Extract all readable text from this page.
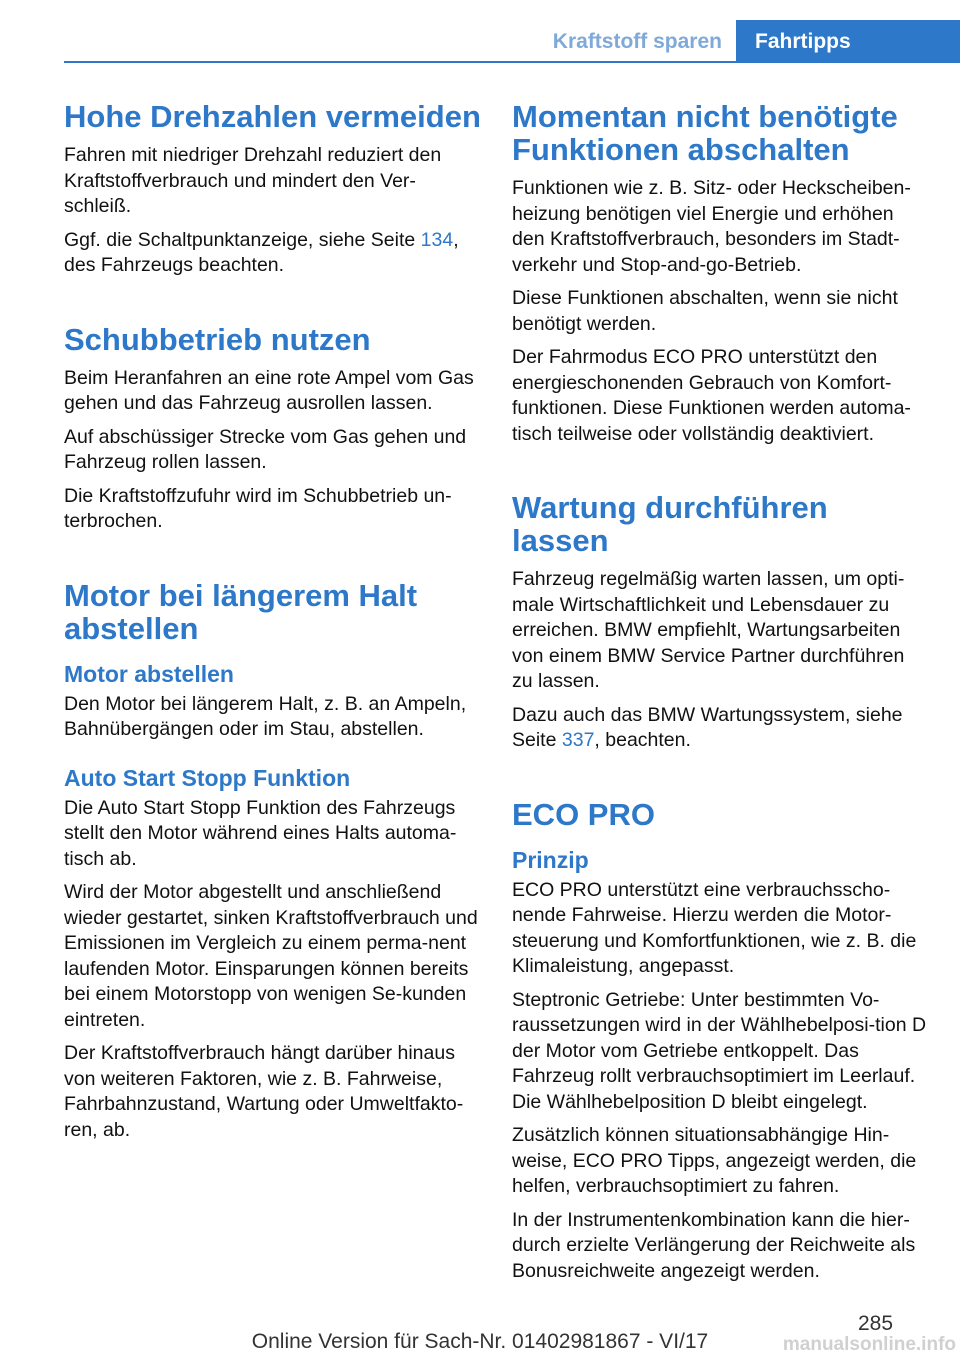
Kraftstoff sparen	Fahrtipps
Hohe Drehzahlen vermeiden

Fahren mit niedriger Drehzahl reduziert den Kraftstoffverbrauch und mindert den Ver-schleiß.

Ggf. die Schaltpunktanzeige, siehe Seite 134, des Fahrzeugs beachten.

Schubbetrieb nutzen

Beim Heranfahren an eine rote Ampel vom Gas gehen und das Fahrzeug ausrollen lassen.

Auf abschüssiger Strecke vom Gas gehen und Fahrzeug rollen lassen.

Die Kraftstoffzufuhr wird im Schubbetrieb un-terbrochen.

Motor bei längerem Halt abstellen
Motor abstellen

Den Motor bei längerem Halt, z. B. an Ampeln, Bahnübergängen oder im Stau, abstellen.

Auto Start Stopp Funktion

Die Auto Start Stopp Funktion des Fahrzeugs stellt den Motor während eines Halts automa-tisch ab.

Wird der Motor abgestellt und anschließend wieder gestartet, sinken Kraftstoffverbrauch und Emissionen im Vergleich zu einem perma-nent laufenden Motor. Einsparungen können bereits bei einem Motorstopp von wenigen Se-kunden eintreten.

Der Kraftstoffverbrauch hängt darüber hinaus von weiteren Faktoren, wie z. B. Fahrweise, Fahrbahnzustand, Wartung oder Umweltfakto-ren, ab.

Momentan nicht benötigte Funktionen abschalten

Funktionen wie z. B. Sitz- oder Heckscheiben-heizung benötigen viel Energie und erhöhen den Kraftstoffverbrauch, besonders im Stadt-verkehr und Stop-and-go-Betrieb.

Diese Funktionen abschalten, wenn sie nicht benötigt werden.

Der Fahrmodus ECO PRO unterstützt den energieschonenden Gebrauch von Komfort-funktionen. Diese Funktionen werden automa-tisch teilweise oder vollständig deaktiviert.

Wartung durchführen lassen

Fahrzeug regelmäßig warten lassen, um opti-male Wirtschaftlichkeit und Lebensdauer zu erreichen. BMW empfiehlt, Wartungsarbeiten von einem BMW Service Partner durchführen zu lassen.

Dazu auch das BMW Wartungssystem, siehe Seite 337, beachten.

ECO PRO
Prinzip

ECO PRO unterstützt eine verbrauchsscho-nende Fahrweise. Hierzu werden die Motor-steuerung und Komfortfunktionen, wie z. B. die Klimaleistung, angepasst.

Steptronic Getriebe: Unter bestimmten Vo-raussetzungen wird in der Wählhebelposi-tion D der Motor vom Getriebe entkoppelt. Das Fahrzeug rollt verbrauchsoptimiert im Leerlauf. Die Wählhebelposition D bleibt eingelegt.

Zusätzlich können situationsabhängige Hin-weise, ECO PRO Tipps, angezeigt werden, die helfen, verbrauchsoptimiert zu fahren.

In der Instrumentenkombination kann die hier-durch erzielte Verlängerung der Reichweite als Bonusreichweite angezeigt werden.

285
Online Version für Sach-Nr. 01402981867 - VI/17	manualsonline.info
